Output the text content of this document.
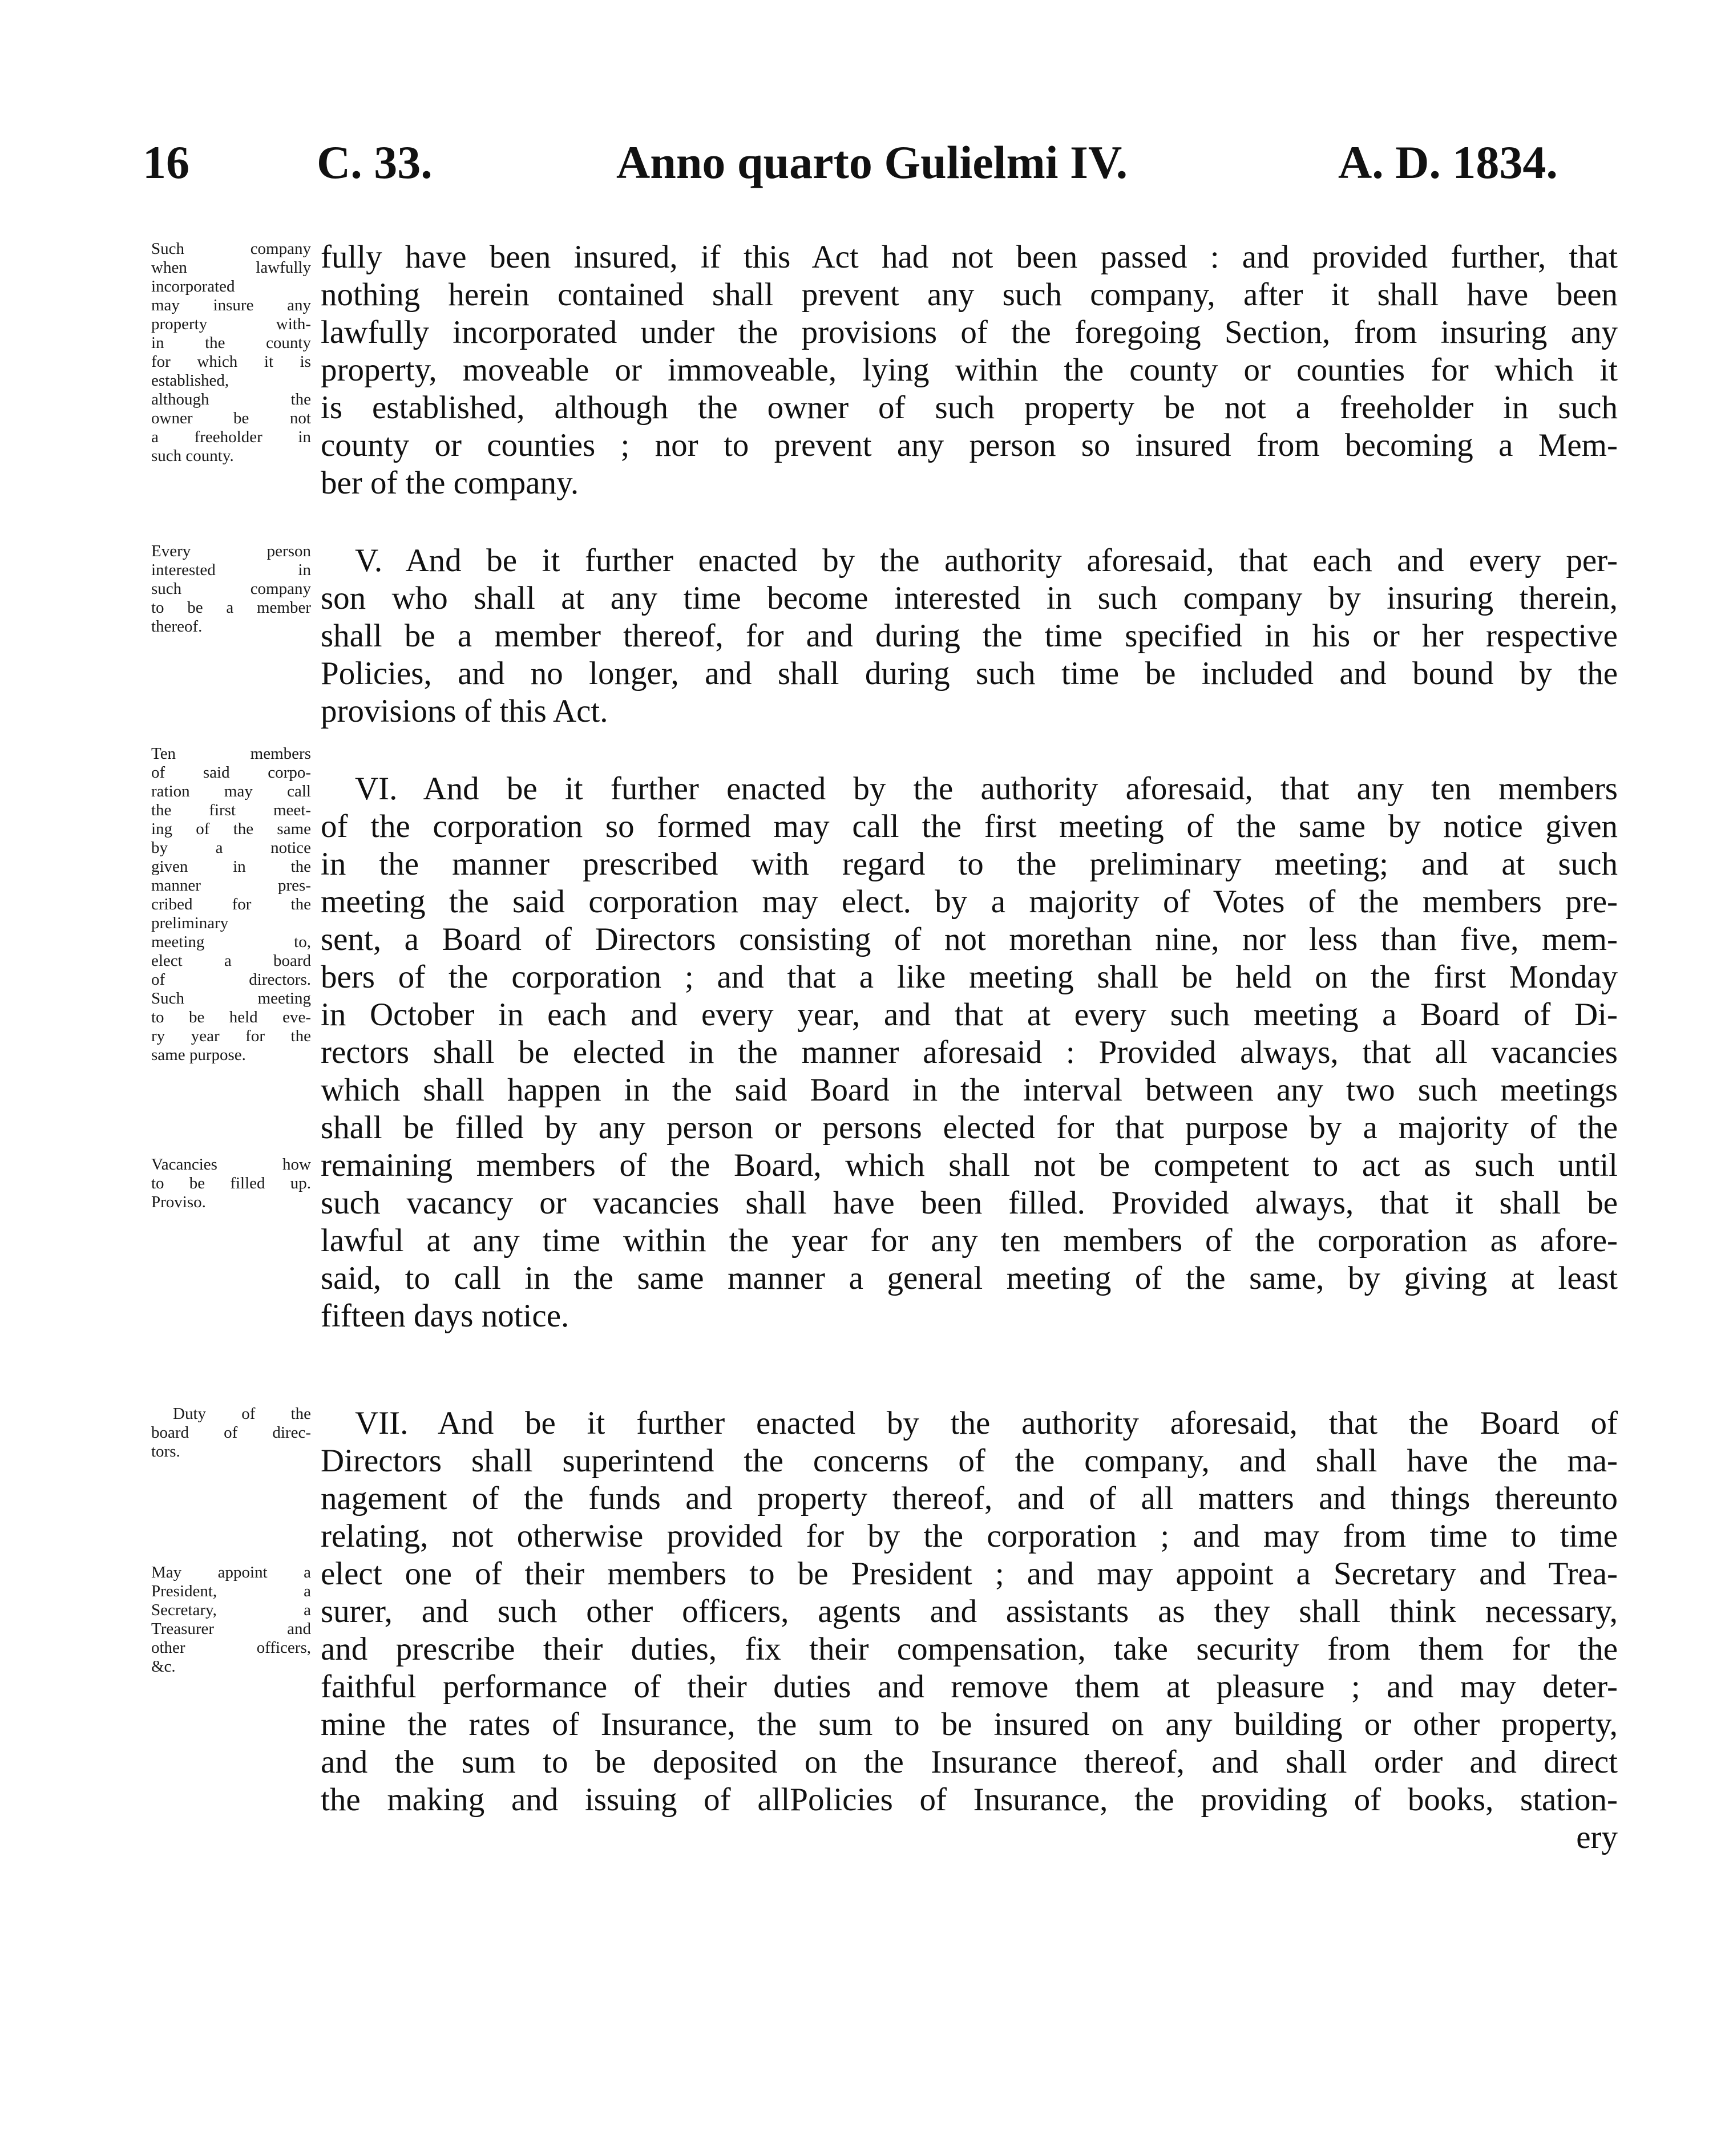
16	C. 33.	Anno quarto Gulielmi IV.	A. D. 1834.
Such company
when lawfully
incorporated
may insure any
property with-
in the county
for which it is
established,
although the
owner be not
a freeholder in
such county.
Every person
interested in
such company
to be a member
thereof.
Ten members
of said corpo-
ration may call
the first meet-
ing of the same
by a notice
given in the
manner pres-
cribed for the
preliminary
meeting to,
elect a board
of directors.
Such meeting
to be held eve-
ry year for the
same purpose.
Vacancies how
to be filled up.
Proviso.
Duty of the
board of direc-
tors.
May appoint a
President, a
Secretary, a
Treasurer and
other officers,
&c.
fully have been insured, if this Act had not been passed : and provided further, that
nothing herein contained shall prevent any such company, after it shall have been
lawfully incorporated under the provisions of the foregoing Section, from insuring any
property, moveable or immoveable, lying within the county or counties for which it
is established, although the owner of such property be not a freeholder in such
county or counties ; nor to prevent any person so insured from becoming a Mem-
ber of the company.
V. And be it further enacted by the authority aforesaid, that each and every per-
son who shall at any time become interested in such company by insuring therein,
shall be a member thereof, for and during the time specified in his or her respective
Policies, and no longer, and shall during such time be included and bound by the
provisions of this Act.
VI. And be it further enacted by the authority aforesaid, that any ten members
of the corporation so formed may call the first meeting of the same by notice given
in the manner prescribed with regard to the preliminary meeting; and at such
meeting the said corporation may elect. by a majority of Votes of the members pre-
sent, a Board of Directors consisting of not morethan nine, nor less than five, mem-
bers of the corporation ; and that a like meeting shall be held on the first Monday
in October in each and every year, and that at every such meeting a Board of Di-
rectors shall be elected in the manner aforesaid : Provided always, that all vacancies
which shall happen in the said Board in the interval between any two such meetings
shall be filled by any person or persons elected for that purpose by a majority of the
remaining members of the Board, which shall not be competent to act as such until
such vacancy or vacancies shall have been filled. Provided always, that it shall be
lawful at any time within the year for any ten members of the corporation as afore-
said, to call in the same manner a general meeting of the same, by giving at least
fifteen days notice.
VII. And be it further enacted by the authority aforesaid, that the Board of
Directors shall superintend the concerns of the company, and shall have the ma-
nagement of the funds and property thereof, and of all matters and things thereunto
relating, not otherwise provided for by the corporation ; and may from time to time
elect one of their members to be President ; and may appoint a Secretary and Trea-
surer, and such other officers, agents and assistants as they shall think necessary,
and prescribe their duties, fix their compensation, take security from them for the
faithful performance of their duties and remove them at pleasure ; and may deter-
mine the rates of Insurance, the sum to be insured on any building or other property,
and the sum to be deposited on the Insurance thereof, and shall order and direct
the making and issuing of allPolicies of Insurance, the providing of books, station-
ery
